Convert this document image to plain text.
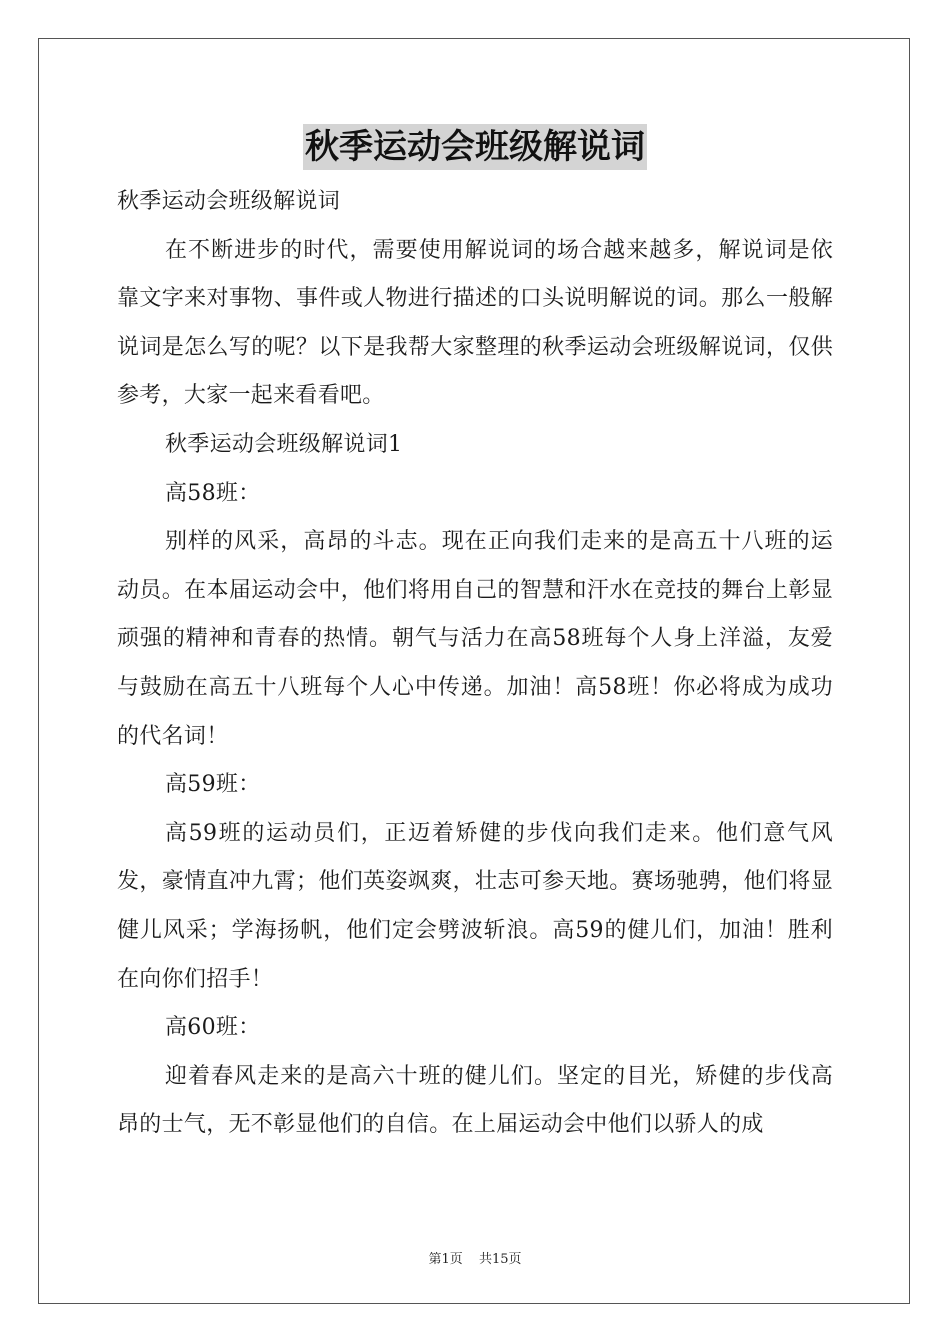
秋季运动会班级解说词

秋季运动会班级解说词

在不断进步的时代，需要使用解说词的场合越来越多，解说词是依靠文字来对事物、事件或人物进行描述的口头说明解说的词。那么一般解说词是怎么写的呢？以下是我帮大家整理的秋季运动会班级解说词，仅供参考，大家一起来看看吧。

秋季运动会班级解说词1

高58班：

别样的风采，高昂的斗志。现在正向我们走来的是高五十八班的运动员。在本届运动会中，他们将用自己的智慧和汗水在竞技的舞台上彰显顽强的精神和青春的热情。朝气与活力在高58班每个人身上洋溢，友爱与鼓励在高五十八班每个人心中传递。加油！高58班！你必将成为成功的代名词！

高59班：

高59班的运动员们，正迈着矫健的步伐向我们走来。他们意气风发，豪情直冲九霄；他们英姿飒爽，壮志可参天地。赛场驰骋，他们将显健儿风采；学海扬帆，他们定会劈波斩浪。高59的健儿们，加油！胜利在向你们招手！

高60班：

迎着春风走来的是高六十班的健儿们。坚定的目光，矫健的步伐高昂的士气，无不彰显他们的自信。在上届运动会中他们以骄人的成

第1页 共15页
